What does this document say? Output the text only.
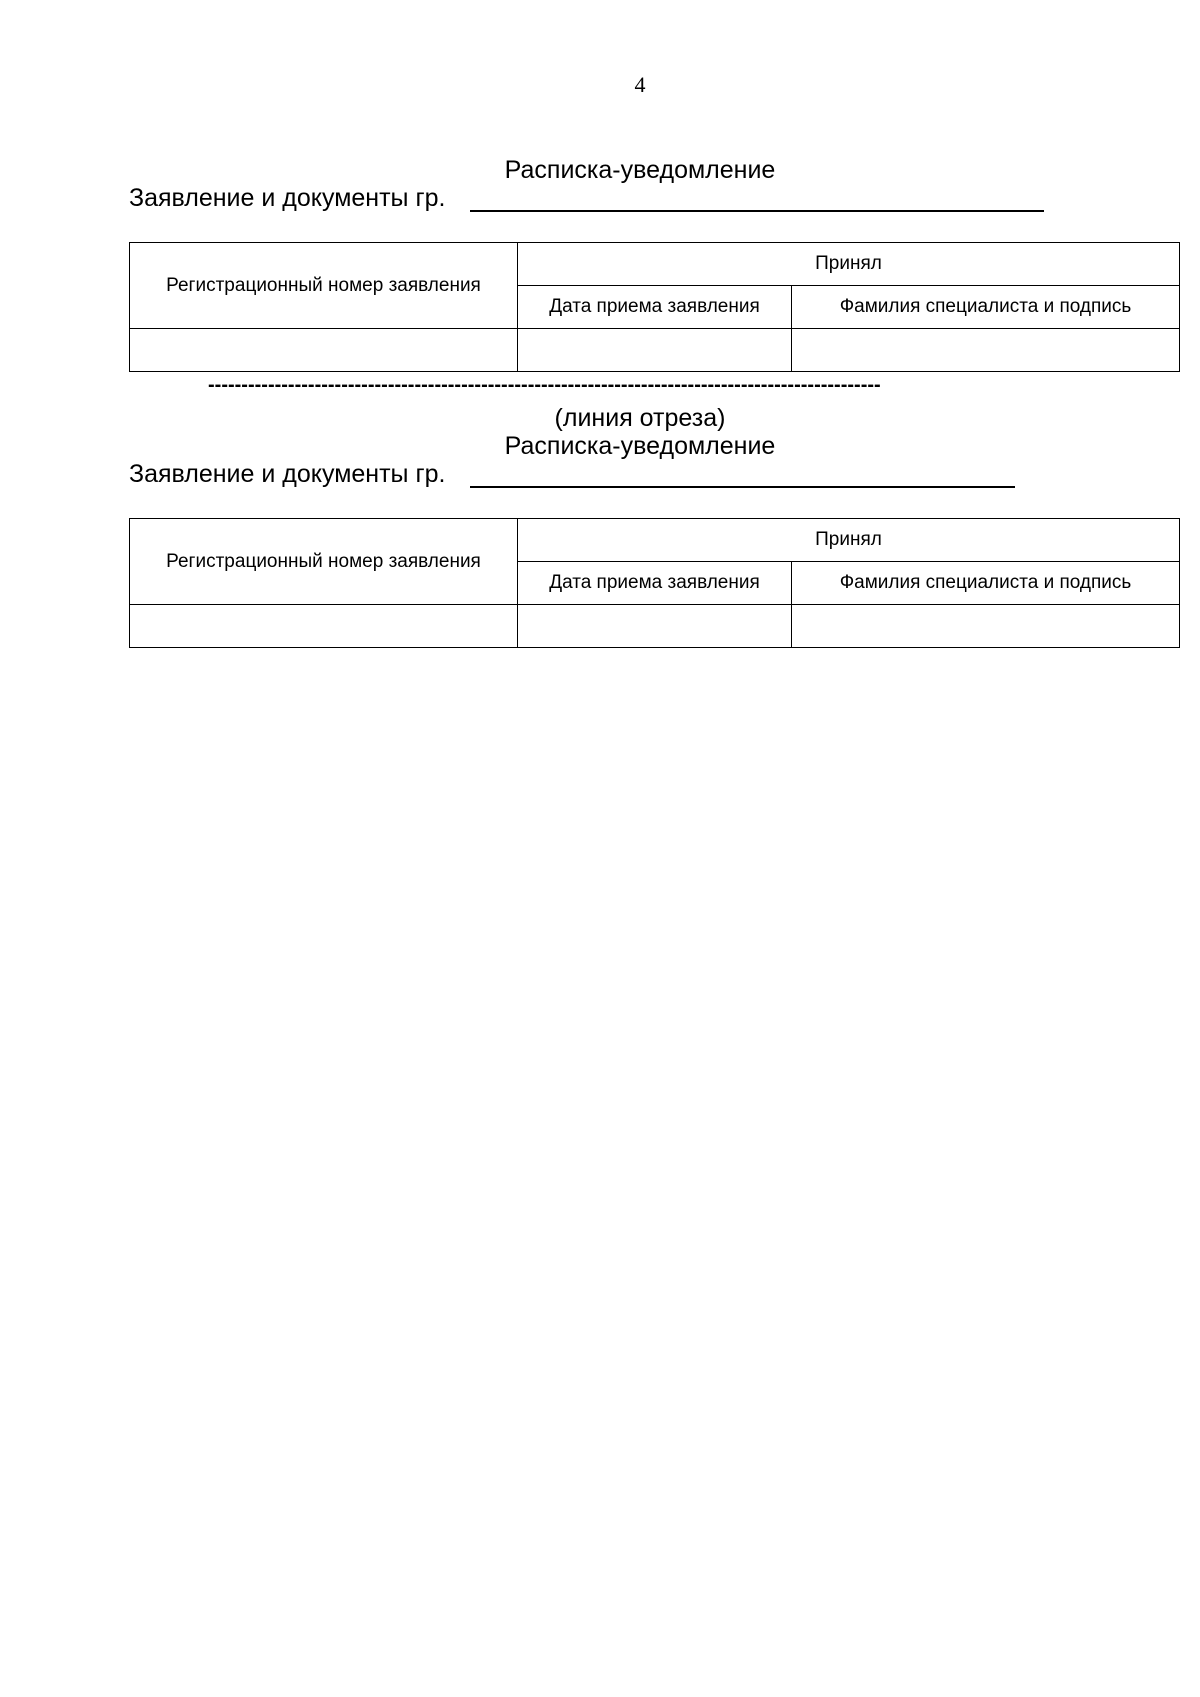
4
Расписка-уведомление
Заявление и документы гр.
Регистрационный номер заявления	Принял	
	Дата приема заявления	Фамилия специалиста и подпись

-----------------------------------------------------------------------------------------------------
(линия отреза)
Расписка-уведомление
Заявление и документы гр.
Регистрационный номер заявления	Принял	
	Дата приема заявления	Фамилия специалиста и подпись
